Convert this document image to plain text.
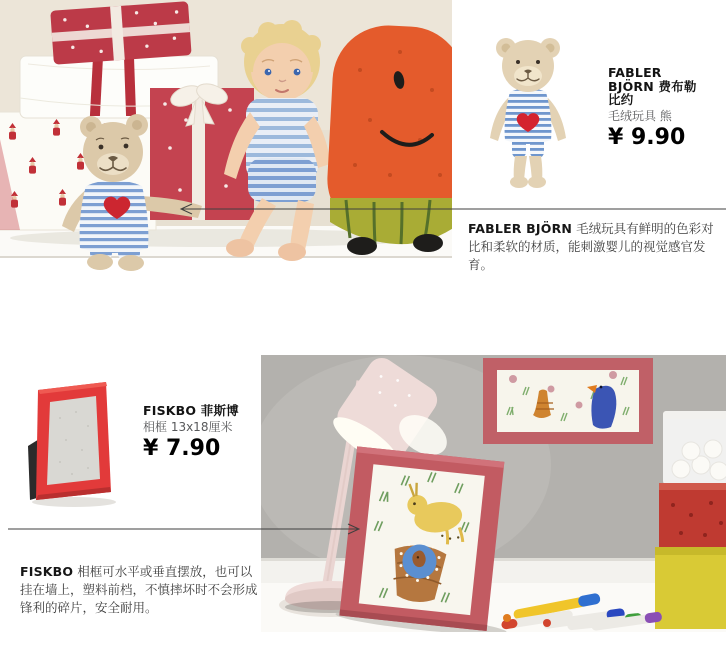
FABLER
BJÖRN 费布勒
比约
毛绒玩具 熊
¥ 9.90

FABLER BJÖRN 毛绒玩具有鲜明的色彩对比和柔软的材质，能刺激婴儿的视觉感官发育。

FISKBO 菲斯博
相框 13x18厘米
¥ 7.90

FISKBO 相框可水平或垂直摆放，也可以挂在墙上，塑料前档，不慎摔坏时不会形成锋利的碎片，安全耐用。
